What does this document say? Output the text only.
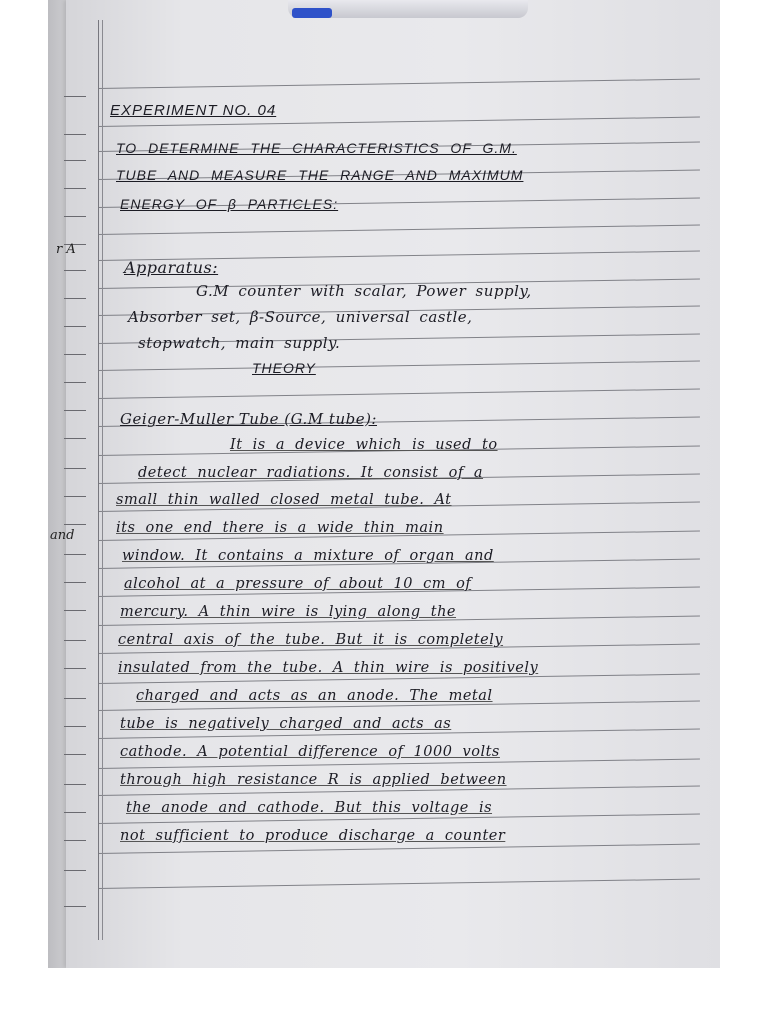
r A
and
EXPERIMENT NO. 04
TO DETERMINE THE CHARACTERISTICS OF G.M.
TUBE AND MEASURE THE RANGE AND MAXIMUM
ENERGY OF β PARTICLES:
Apparatus:
G.M counter with scalar, Power supply,
Absorber set, β-Source, universal castle,
stopwatch, main supply.
THEORY
Geiger-Muller Tube (G.M tube):
It is a device which is used to
detect nuclear radiations. It consist of a
small thin walled closed metal tube. At
its one end there is a wide thin main
window. It contains a mixture of organ and
alcohol at a pressure of about 10 cm of
mercury. A thin wire is lying along the
central axis of the tube. But it is completely
insulated from the tube. A thin wire is positively
charged and acts as an anode. The metal
tube is negatively charged and acts as
cathode. A potential difference of 1000 volts
through high resistance R is applied between
the anode and cathode. But this voltage is
not sufficient to produce discharge a counter
